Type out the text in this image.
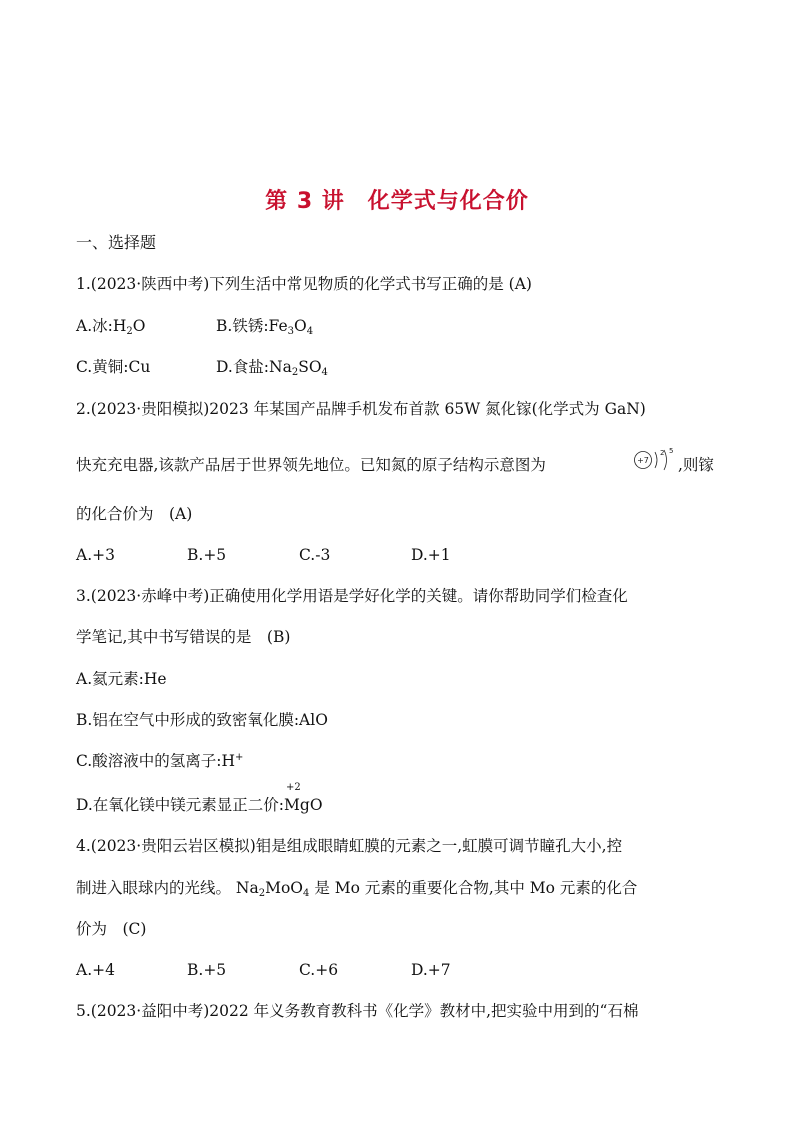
第 3 讲　化学式与化合价
一、选择题
1.(2023·陕西中考)下列生活中常见物质的化学式书写正确的是 (A)
A.冰$:H_2O$	B.铁锈$:Fe_3O_4$
C.黄铜:Cu	D.食盐$:Na_2SO_4$
2.(2023·贵阳模拟)2023 年某国产品牌手机发布首款 65W 氮化镓(化学式为 GaN)
快充充电器,该款产品居于世界领先地位。已知氮的原子结构示意图为	+7
2 5
,则镓
的化合价为　(A)
A.+3	B.+5	C.-3	D.+1
3.(2023·赤峰中考)正确使用化学用语是学好化学的关键。请你帮助同学们检查化
学笔记,其中书写错误的是　(B)
A.氦元素:He
B.铝在空气中形成的致密氧化膜:AlO
C.酸溶液中的氢离子:H+
D.在氧化镁中镁元素显正二价:
+2
MgO
4.(2023·贵阳云岩区模拟)钼是组成眼睛虹膜的元素之一,虹膜可调节瞳孔大小,控
制进入眼球内的光线。 $Na_2MoO_4$ 是 Mo 元素的重要化合物,其中 Mo 元素的化合
价为　(C)
A.+4	B.+5	C.+6	D.+7
5.(2023·益阳中考)2022 年义务教育教科书《化学》教材中,把实验中用到的“石棉
